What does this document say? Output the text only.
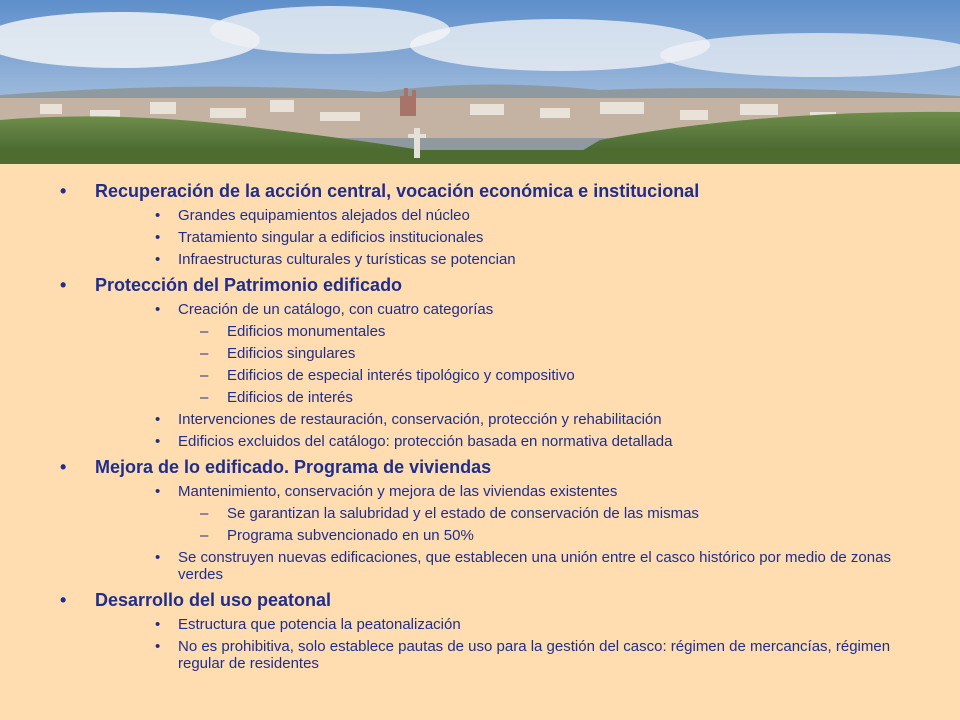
• Recuperación de la acción central, vocación económica e institucional
• Grandes equipamientos alejados del núcleo
• Tratamiento singular a edificios institucionales
• Infraestructuras culturales y turísticas se potencian
• Protección del Patrimonio edificado
• Creación de un catálogo, con cuatro categorías
– Edificios monumentales
– Edificios singulares
– Edificios de especial interés tipológico y compositivo
– Edificios de interés
• Intervenciones de restauración, conservación, protección y rehabilitación
• Edificios excluidos del catálogo: protección basada en normativa detallada
• Mejora de lo edificado. Programa de viviendas
• Mantenimiento, conservación y mejora de las viviendas existentes
– Se garantizan la salubridad y el estado de conservación de las mismas
– Programa subvencionado en un 50%
• Se construyen nuevas edificaciones, que establecen una unión entre el casco histórico por medio de zonas verdes
• Desarrollo del uso peatonal
• Estructura que potencia la peatonalización
• No es prohibitiva, solo establece pautas de uso para la gestión del casco: régimen de mercancías, régimen regular de residentes
